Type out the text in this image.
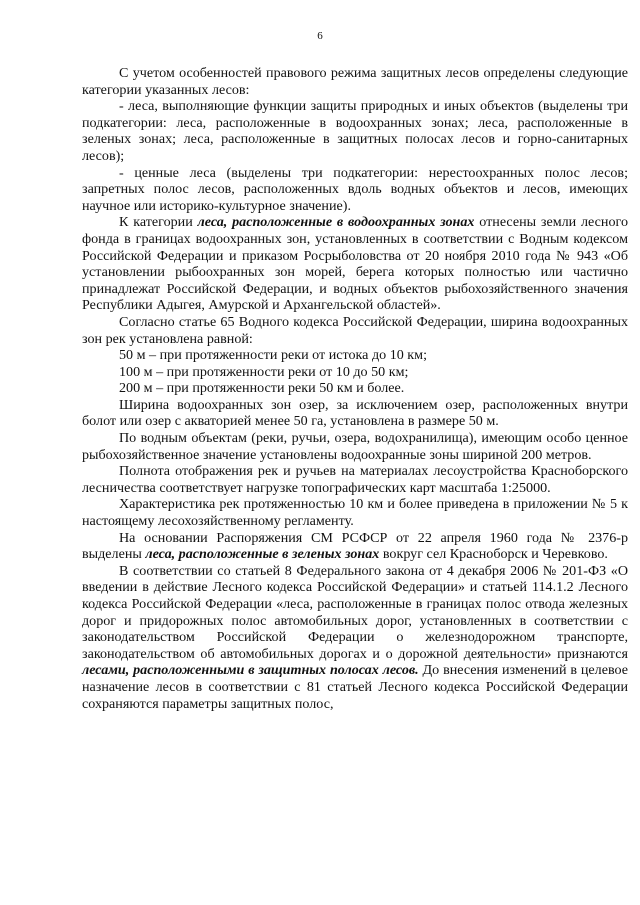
6

С учетом особенностей правового режима защитных лесов определены следующие категории указанных лесов:

- леса, выполняющие функции защиты природных и иных объектов (выделены три подкатегории: леса, расположенные в водоохранных зонах; леса, расположенные в зеленых зонах; леса, расположенные в защитных полосах лесов и горно-санитарных лесов);

- ценные леса (выделены три подкатегории: нерестоохранных полос лесов; запретных полос лесов, расположенных вдоль водных объектов и лесов, имеющих научное или историко-культурное значение).

К категории леса, расположенные в водоохранных зонах отнесены земли лесного фонда в границах водоохранных зон, установленных в соответствии с Водным кодексом Российской Федерации и приказом Росрыболовства от 20 ноября 2010 года № 943 «Об установлении рыбоохранных зон морей, берега которых полностью или частично принадлежат Российской Федерации, и водных объектов рыбохозяйственного значения Республики Адыгея, Амурской и Архангельской областей».

Согласно статье 65 Водного кодекса Российской Федерации, ширина водоохранных зон рек установлена равной:

50 м – при протяженности реки от истока до 10 км;

100 м – при протяженности реки от 10 до 50 км;

200 м – при протяженности реки 50 км и более.

Ширина водоохранных зон озер, за исключением озер, расположенных внутри болот или озер с акваторией менее 50 га, установлена в размере 50 м.

По водным объектам (реки, ручьи, озера, водохранилища), имеющим особо ценное рыбохозяйственное значение установлены водоохранные зоны шириной 200 метров.

Полнота отображения рек и ручьев на материалах лесоустройства Красноборского лесничества соответствует нагрузке топографических карт масштаба 1:25000.

Характеристика рек протяженностью 10 км и более приведена в приложении № 5 к настоящему лесохозяйственному регламенту.

На основании Распоряжения СМ РСФСР от 22 апреля 1960 года № 2376-р выделены леса, расположенные в зеленых зонах вокруг сел Красноборск и Черевково.

В соответствии со статьей 8 Федерального закона от 4 декабря 2006 № 201-ФЗ «О введении в действие Лесного кодекса Российской Федерации» и статьей 114.1.2 Лесного кодекса Российской Федерации «леса, расположенные в границах полос отвода железных дорог и придорожных полос автомобильных дорог, установленных в соответствии с законодательством Российской Федерации о железнодорожном транспорте, законодательством об автомобильных дорогах и о дорожной деятельности» признаются лесами, расположенными в защитных полосах лесов. До внесения изменений в целевое назначение лесов в соответствии с 81 статьей Лесного кодекса Российской Федерации сохраняются параметры защитных полос,
